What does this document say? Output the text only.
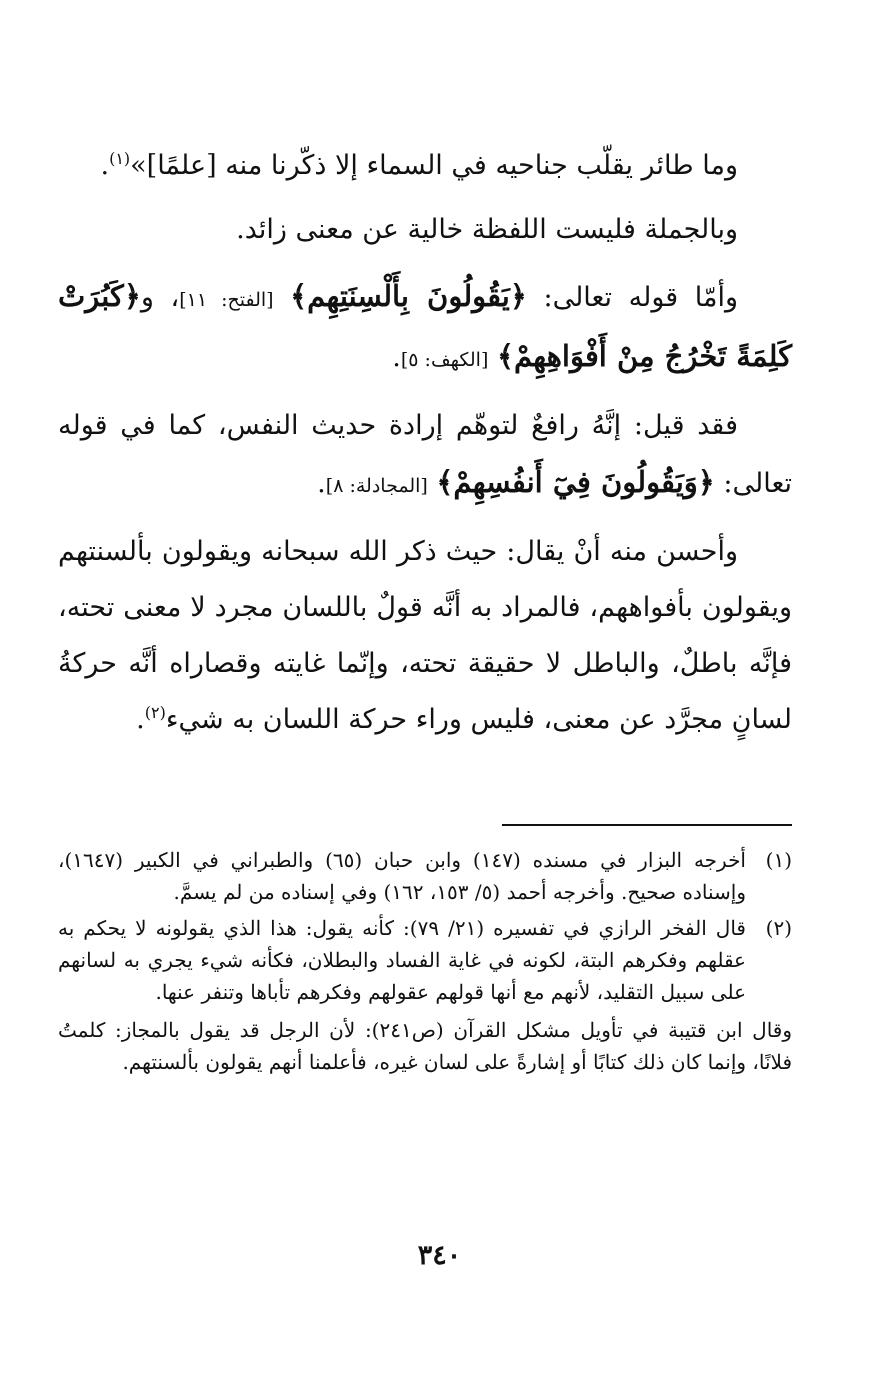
وما طائر يقلّب جناحيه في السماء إلا ذكّرنا منه [علمًا]»$^{(١)}$.

وبالجملة فليست اللفظة خالية عن معنى زائد.

وأمّا قوله تعالى: ﴿يَقُولُونَ بِأَلْسِنَتِهِم﴾ [الفتح: ١١]، و﴿كَبُرَتْ كَلِمَةً تَخْرُجُ مِنْ أَفْوَاهِهِمْ﴾ [الكهف: ٥].

فقد قيل: إنَّهُ رافعٌ لتوهّم إرادة حديث النفس، كما في قوله تعالى: ﴿وَيَقُولُونَ فِيٓ أَنفُسِهِمْ﴾ [المجادلة: ٨].

وأحسن منه أنْ يقال: حيث ذكر الله سبحانه ويقولون بألسنتهم ويقولون بأفواههم، فالمراد به أنَّه قولٌ باللسان مجرد لا معنى تحته، فإنَّه باطلٌ، والباطل لا حقيقة تحته، وإنّما غايته وقصاراه أنَّه حركةُ لسانٍ مجرَّد عن معنى، فليس وراء حركة اللسان به شيء$^{(٢)}$.

(١)
أخرجه البزار في مسنده (١٤٧) وابن حبان (٦٥) والطبراني في الكبير (١٦٤٧)، وإسناده صحيح. وأخرجه أحمد (٥/ ١٥٣، ١٦٢) وفي إسناده من لم يسمَّ.
(٢)
قال الفخر الرازي في تفسيره (٢١/ ٧٩): كأنه يقول: هذا الذي يقولونه لا يحكم به عقلهم وفكرهم البتة، لكونه في غاية الفساد والبطلان، فكأنه شيء يجري به لسانهم على سبيل التقليد، لأنهم مع أنها قولهم عقولهم وفكرهم تأباها وتنفر عنها.

وقال ابن قتيبة في تأويل مشكل القرآن (ص٢٤١): لأن الرجل قد يقول بالمجاز: كلمتُ فلانًا، وإنما كان ذلك كتابًا أو إشارةً على لسان غيره، فأعلمنا أنهم يقولون بألسنتهم.

٣٤٠
